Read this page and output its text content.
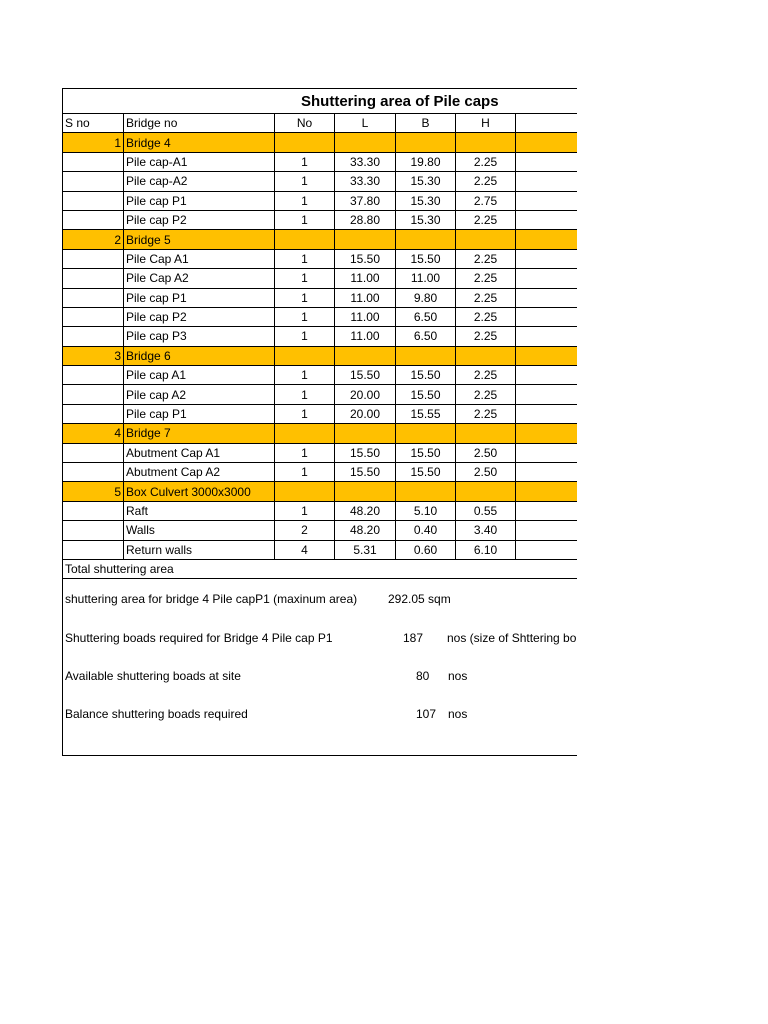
Shuttering area of Pile caps
S no	Bridge no	No	L	B	H	
1	Bridge 4					
	Pile cap-A1	1	33.30	19.80	2.25	
	Pile cap-A2	1	33.30	15.30	2.25	
	Pile cap P1	1	37.80	15.30	2.75	
	Pile cap P2	1	28.80	15.30	2.25	
2	Bridge 5					
	Pile Cap A1	1	15.50	15.50	2.25	
	Pile Cap A2	1	11.00	11.00	2.25	
	Pile cap P1	1	11.00	9.80	2.25	
	Pile cap P2	1	11.00	6.50	2.25	
	Pile cap P3	1	11.00	6.50	2.25	
3	Bridge 6					
	Pile cap A1	1	15.50	15.50	2.25	
	Pile cap A2	1	20.00	15.50	2.25	
	Pile cap P1	1	20.00	15.55	2.25	
4	Bridge 7					
	Abutment Cap A1	1	15.50	15.50	2.50	
	Abutment Cap A2	1	15.50	15.50	2.50	
5	Box Culvert 3000x3000					
	Raft	1	48.20	5.10	0.55	
	Walls	2	48.20	0.40	3.40	
	Return walls	4	5.31	0.60	6.10	
Total shuttering area						
shuttering area for bridge 4 Pile capP1 (maxinum area)	292.05 sqm
Shuttering boads required for Bridge 4 Pile cap P1	187 nos (size of Shttering bo
Available shuttering boads at site	80 nos
Balance shuttering boads required	107 nos
